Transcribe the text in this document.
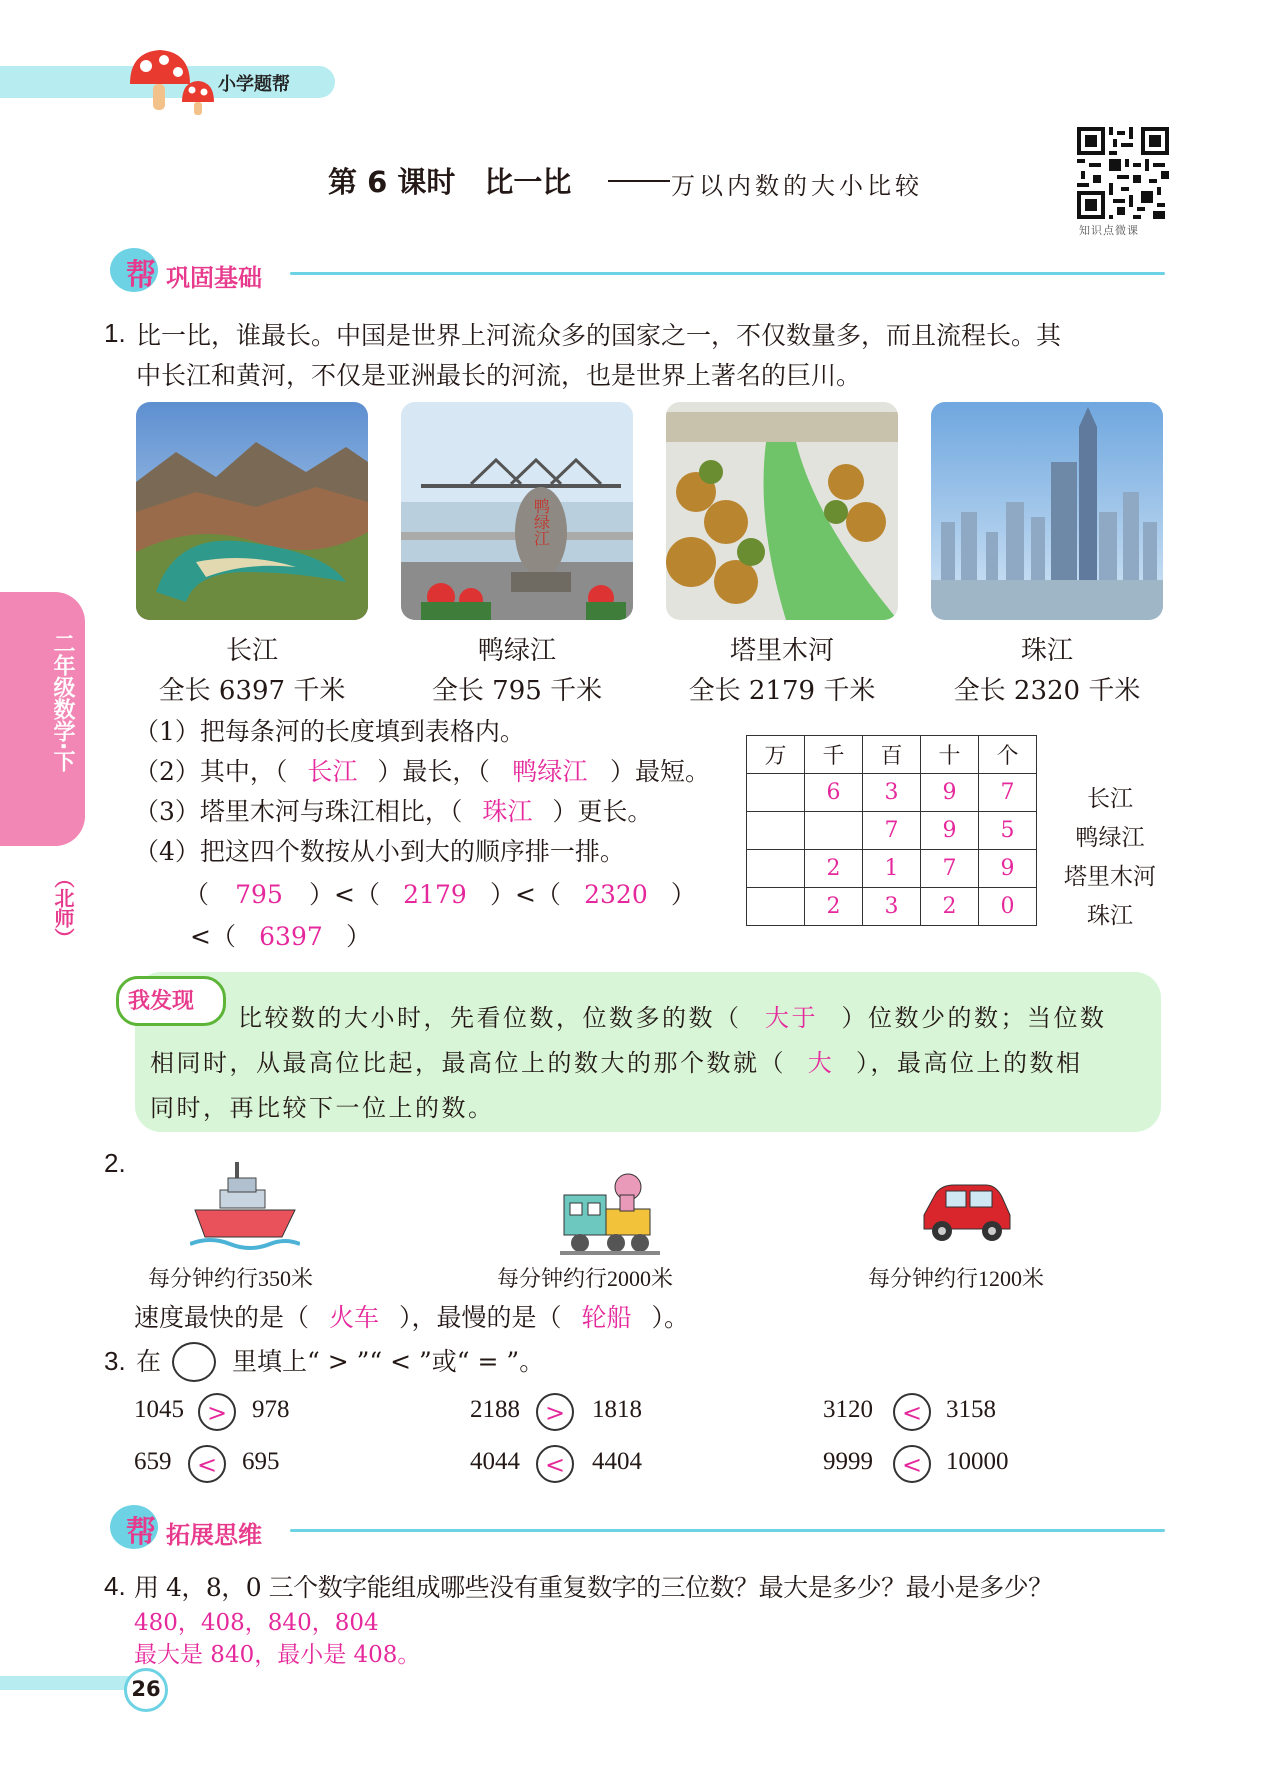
小学题帮
第 6 课时　比一比	万以内数的大小比较
知识点微课
帮 巩固基础
二年级数学·下
（北师）
1. 比一比，谁最长。中国是世界上河流众多的国家之一，不仅数量多，而且流程长。其
中长江和黄河，不仅是亚洲最长的河流，也是世界上著名的巨川。
鸭绿江
长江	鸭绿江	塔里木河	珠江
全长 6397 千米	全长 795 千米	全长 2179 千米	全长 2320 千米
（1）把每条河的长度填到表格内。
（2）其中，（ 长江 ）最长，（ 鸭绿江 ）最短。
（3）塔里木河与珠江相比，（ 珠江 ）更长。
（4）把这四个数按从小到大的顺序排一排。
（ 795 ）<（ 2179 ）<（ 2320 ）
<（ 6397 ）
万	千	百	十	个
	6	3	9	7
		7	9	5
	2	1	7	9
	2	3	2	0
长江
鸭绿江
塔里木河
珠江
我发现
比较数的大小时，先看位数，位数多的数（ 大于 ）位数少的数；当位数
相同时，从最高位比起，最高位上的数大的那个数就（ 大 ），最高位上的数相
同时，再比较下一位上的数。
2.
每分钟约行350米	每分钟约行2000米	每分钟约行1200米
速度最快的是（ 火车 ），最慢的是（ 轮船 ）。
3. 在	里填上“ > ”“ < ”或“ = ”。
1045 > 978	2188	>	1818	3120	< 3158
659	< 695	4044	<	4404	9999	< 10000
帮 拓展思维
4. 用 4，8，0 三个数字能组成哪些没有重复数字的三位数？最大是多少？最小是多少？
480，408，840，804
最大是 840，最小是 408。
26
